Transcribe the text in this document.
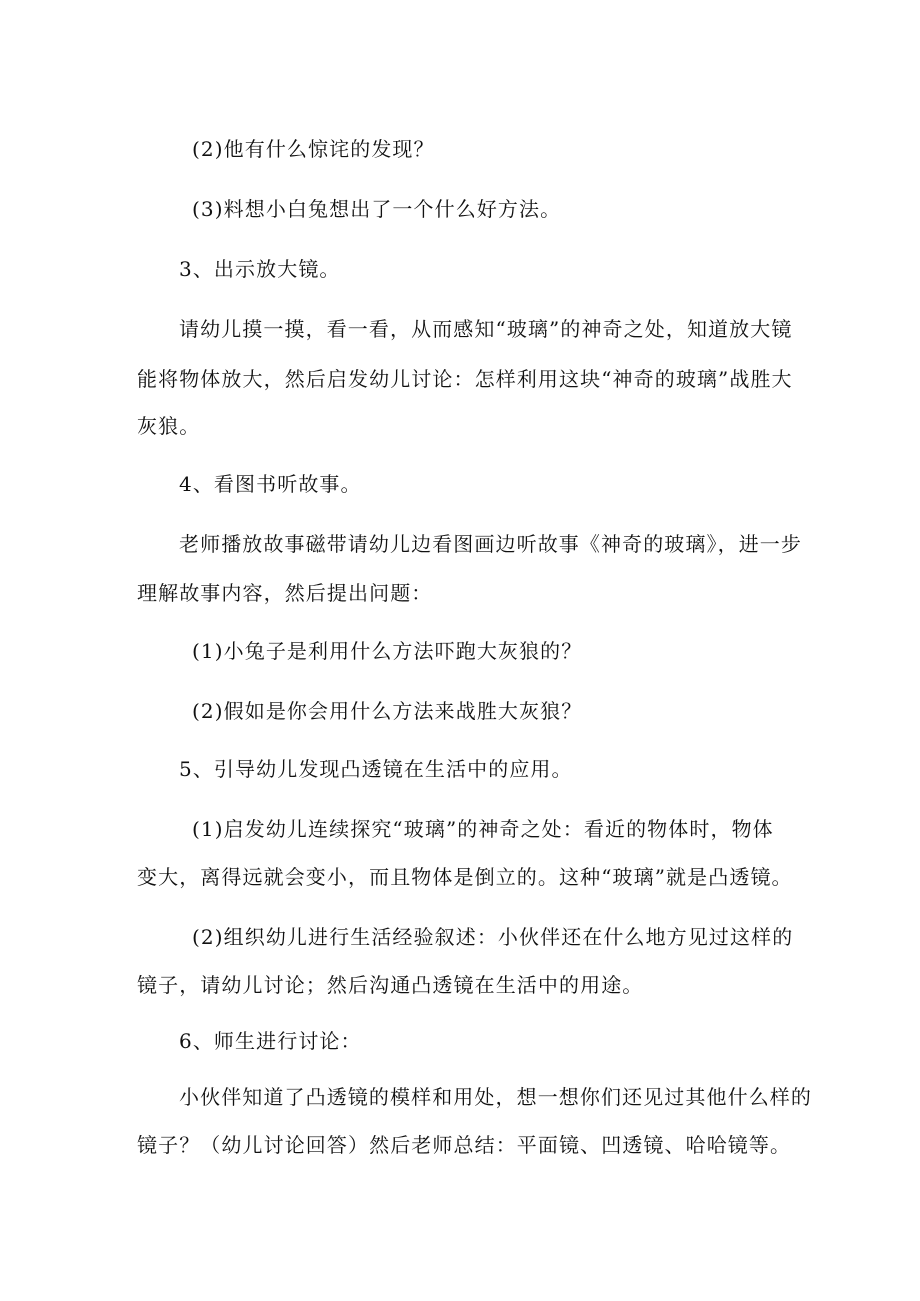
(2)他有什么惊诧的发现？

(3)料想小白兔想出了一个什么好方法。

3、出示放大镜。

请幼儿摸一摸，看一看，从而感知“玻璃”的神奇之处，知道放大镜

能将物体放大，然后启发幼儿讨论：怎样利用这块“神奇的玻璃”战胜大

灰狼。

4、看图书听故事。

老师播放故事磁带请幼儿边看图画边听故事《神奇的玻璃》，进一步

理解故事内容，然后提出问题：

(1)小兔子是利用什么方法吓跑大灰狼的？

(2)假如是你会用什么方法来战胜大灰狼？

5、引导幼儿发现凸透镜在生活中的应用。

(1)启发幼儿连续探究“玻璃”的神奇之处：看近的物体时，物体

变大，离得远就会变小，而且物体是倒立的。这种“玻璃”就是凸透镜。

(2)组织幼儿进行生活经验叙述：小伙伴还在什么地方见过这样的

镜子，请幼儿讨论；然后沟通凸透镜在生活中的用途。

6、师生进行讨论：

小伙伴知道了凸透镜的模样和用处，想一想你们还见过其他什么样的

镜子？（幼儿讨论回答）然后老师总结：平面镜、凹透镜、哈哈镜等。
